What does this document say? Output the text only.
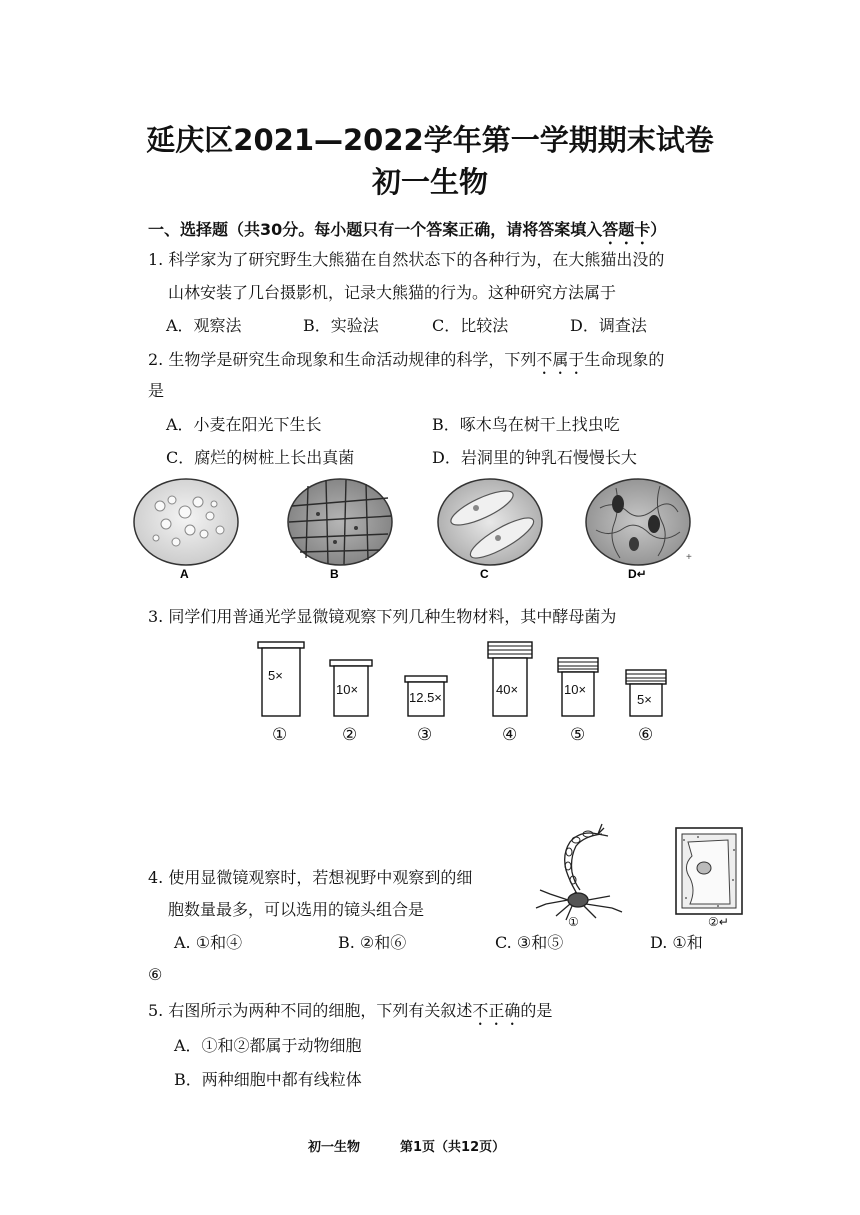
延庆区2021—2022学年第一学期期末试卷
初一生物
一、选择题（共30分。每小题只有一个答案正确，请将答案填入答题卡）
1. 科学家为了研究野生大熊猫在自然状态下的各种行为，在大熊猫出没的
山林安装了几台摄影机，记录大熊猫的行为。这种研究方法属于
A．观察法	B．实验法	C．比较法	D．调查法
2. 生物学是研究生命现象和生命活动规律的科学，下列不属于生命现象的
是
A．小麦在阳光下生长	B．啄木鸟在树干上找虫吃
C．腐烂的树桩上长出真菌	D．岩洞里的钟乳石慢慢长大
A	B	C	D↵
+
3. 同学们用普通光学显微镜观察下列几种生物材料，其中酵母菌为
5×
10×
12.5×
40×	10×
5×
①	②	③	④	⑤	⑥
①	②↵
4. 使用显微镜观察时，若想视野中观察到的细
胞数量最多，可以选用的镜头组合是
A. ①和④	B. ②和⑥	C. ③和⑤	D. ①和
⑥
5. 右图所示为两种不同的细胞，下列有关叙述不正确的是
A．①和②都属于动物细胞
B．两种细胞中都有线粒体
初一生物	第1页（共12页）
